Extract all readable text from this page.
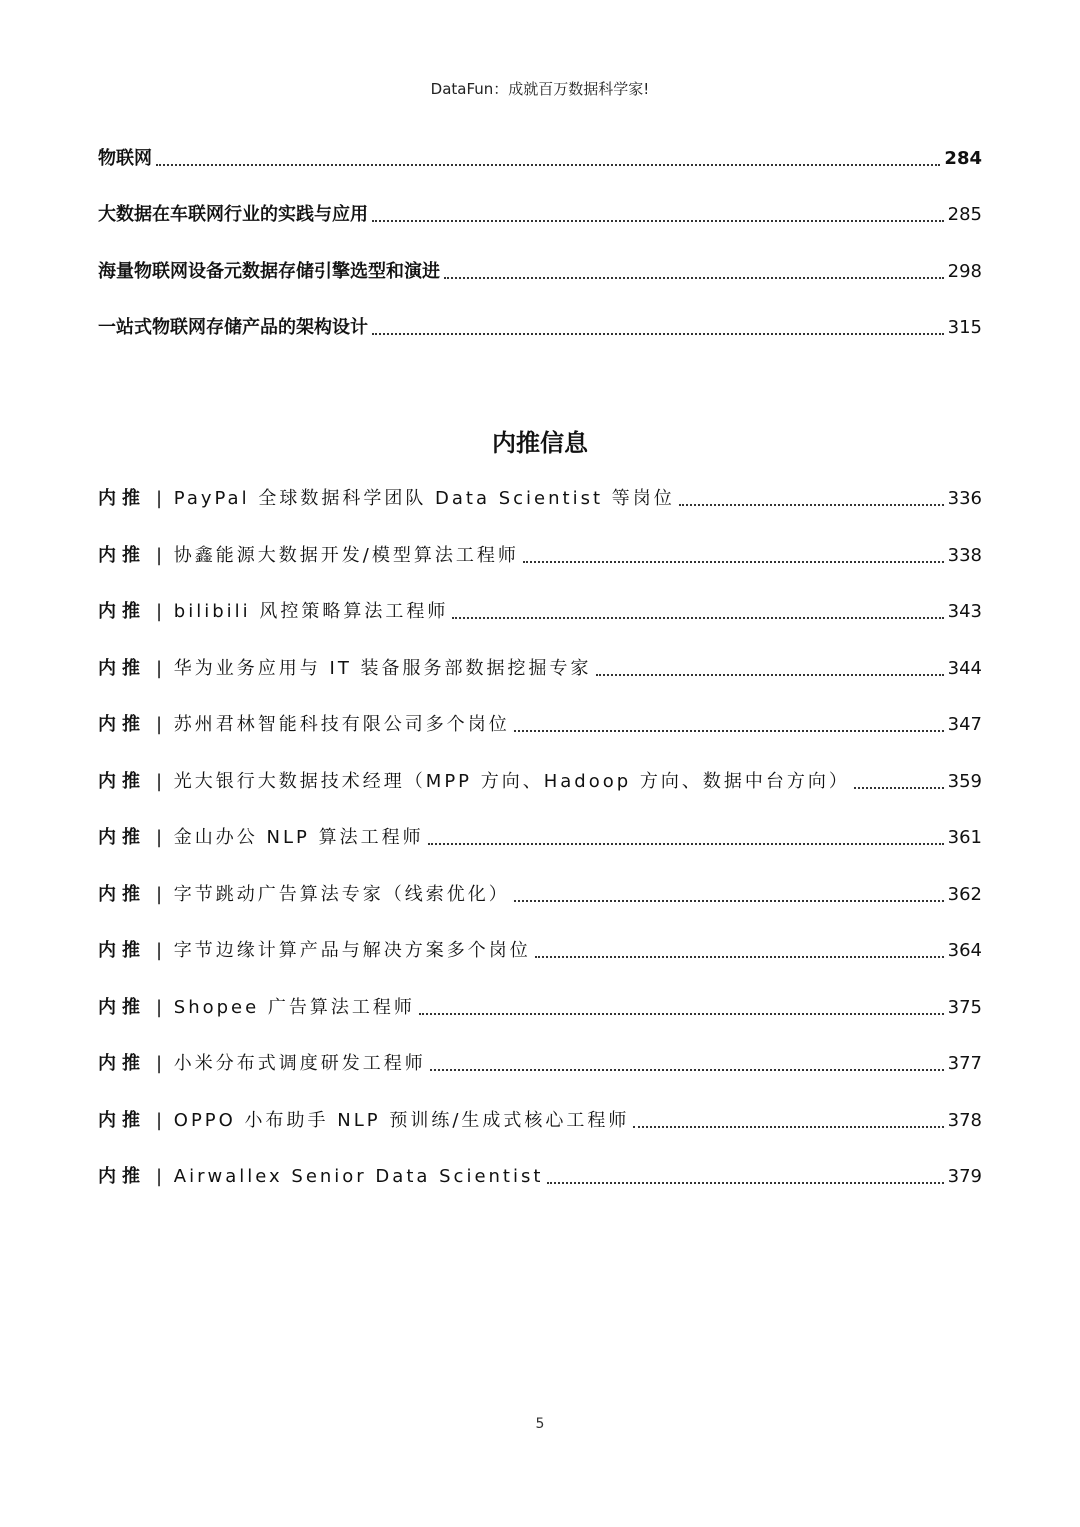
DataFun：成就百万数据科学家!
物联网	284
大数据在车联网行业的实践与应用	285
海量物联网设备元数据存储引擎选型和演进	298
一站式物联网存储产品的架构设计	315
内推信息
内推 | PayPal 全球数据科学团队 Data Scientist 等岗位	336
内推 | 协鑫能源大数据开发/模型算法工程师	338
内推 | bilibili 风控策略算法工程师	343
内推 | 华为业务应用与 IT 装备服务部数据挖掘专家	344
内推 | 苏州君林智能科技有限公司多个岗位	347
内推 | 光大银行大数据技术经理（MPP 方向、Hadoop 方向、数据中台方向）	359
内推 | 金山办公 NLP 算法工程师	361
内推 | 字节跳动广告算法专家（线索优化）	362
内推 | 字节边缘计算产品与解决方案多个岗位	364
内推 | Shopee 广告算法工程师	375
内推 | 小米分布式调度研发工程师	377
内推 | OPPO 小布助手 NLP 预训练/生成式核心工程师	378
内推 | Airwallex Senior Data Scientist	379
5
